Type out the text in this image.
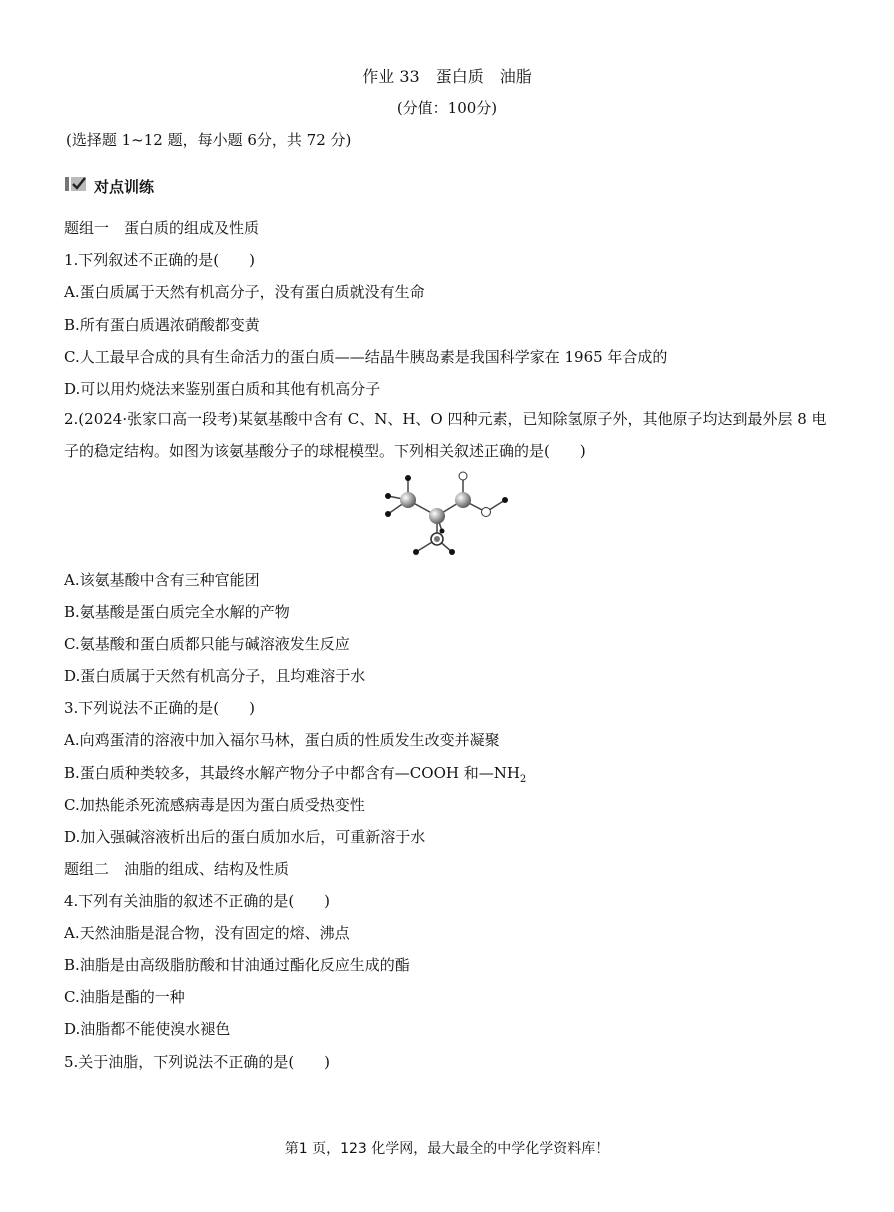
作业 33 蛋白质 油脂
(分值：100分)
(选择题 1~12 题，每小题 6分，共 72 分)
对点训练
题组一　蛋白质的组成及性质
1.下列叙述不正确的是(　　)
A.蛋白质属于天然有机高分子，没有蛋白质就没有生命
B.所有蛋白质遇浓硝酸都变黄
C.人工最早合成的具有生命活力的蛋白质——结晶牛胰岛素是我国科学家在 1965 年合成的
D.可以用灼烧法来鉴别蛋白质和其他有机高分子
2.(2024·张家口高一段考)某氨基酸中含有 C、N、H、O 四种元素，已知除氢原子外，其他原子均达到最外层 8 电子的稳定结构。如图为该氨基酸分子的球棍模型。下列相关叙述正确的是(　　)
A.该氨基酸中含有三种官能团
B.氨基酸是蛋白质完全水解的产物
C.氨基酸和蛋白质都只能与碱溶液发生反应
D.蛋白质属于天然有机高分子，且均难溶于水
3.下列说法不正确的是(　　)
A.向鸡蛋清的溶液中加入福尔马林，蛋白质的性质发生改变并凝聚
B.蛋白质种类较多，其最终水解产物分子中都含有—COOH 和$—NH_2$
C.加热能杀死流感病毒是因为蛋白质受热变性
D.加入强碱溶液析出后的蛋白质加水后，可重新溶于水
题组二　油脂的组成、结构及性质
4.下列有关油脂的叙述不正确的是(　　)
A.天然油脂是混合物，没有固定的熔、沸点
B.油脂是由高级脂肪酸和甘油通过酯化反应生成的酯
C.油脂是酯的一种
D.油脂都不能使溴水褪色
5.关于油脂，下列说法不正确的是(　　)
第1 页，123 化学网，最大最全的中学化学资料库！
